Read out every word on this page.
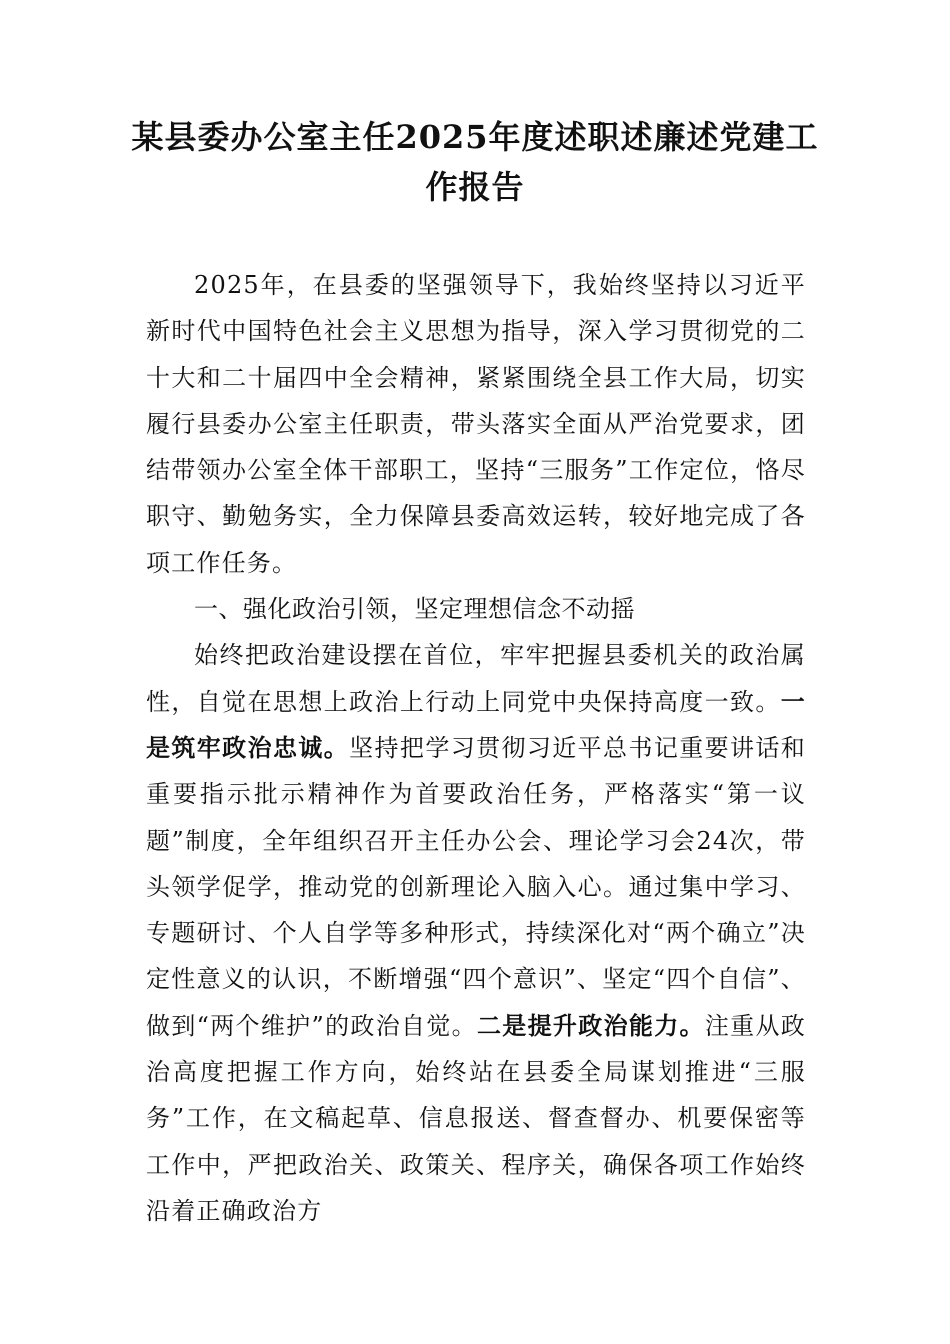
某县委办公室主任2025年度述职述廉述党建工作报告

2025年，在县委的坚强领导下，我始终坚持以习近平新时代中国特色社会主义思想为指导，深入学习贯彻党的二十大和二十届四中全会精神，紧紧围绕全县工作大局，切实履行县委办公室主任职责，带头落实全面从严治党要求，团结带领办公室全体干部职工，坚持“三服务”工作定位，恪尽职守、勤勉务实，全力保障县委高效运转，较好地完成了各项工作任务。

一、强化政治引领，坚定理想信念不动摇

始终把政治建设摆在首位，牢牢把握县委机关的政治属性，自觉在思想上政治上行动上同党中央保持高度一致。一是筑牢政治忠诚。坚持把学习贯彻习近平总书记重要讲话和重要指示批示精神作为首要政治任务，严格落实“第一议题”制度，全年组织召开主任办公会、理论学习会24次，带头领学促学，推动党的创新理论入脑入心。通过集中学习、专题研讨、个人自学等多种形式，持续深化对“两个确立”决定性意义的认识，不断增强“四个意识”、坚定“四个自信”、做到“两个维护”的政治自觉。二是提升政治能力。注重从政治高度把握工作方向，始终站在县委全局谋划推进“三服务”工作，在文稿起草、信息报送、督查督办、机要保密等工作中，严把政治关、政策关、程序关，确保各项工作始终沿着正确政治方
